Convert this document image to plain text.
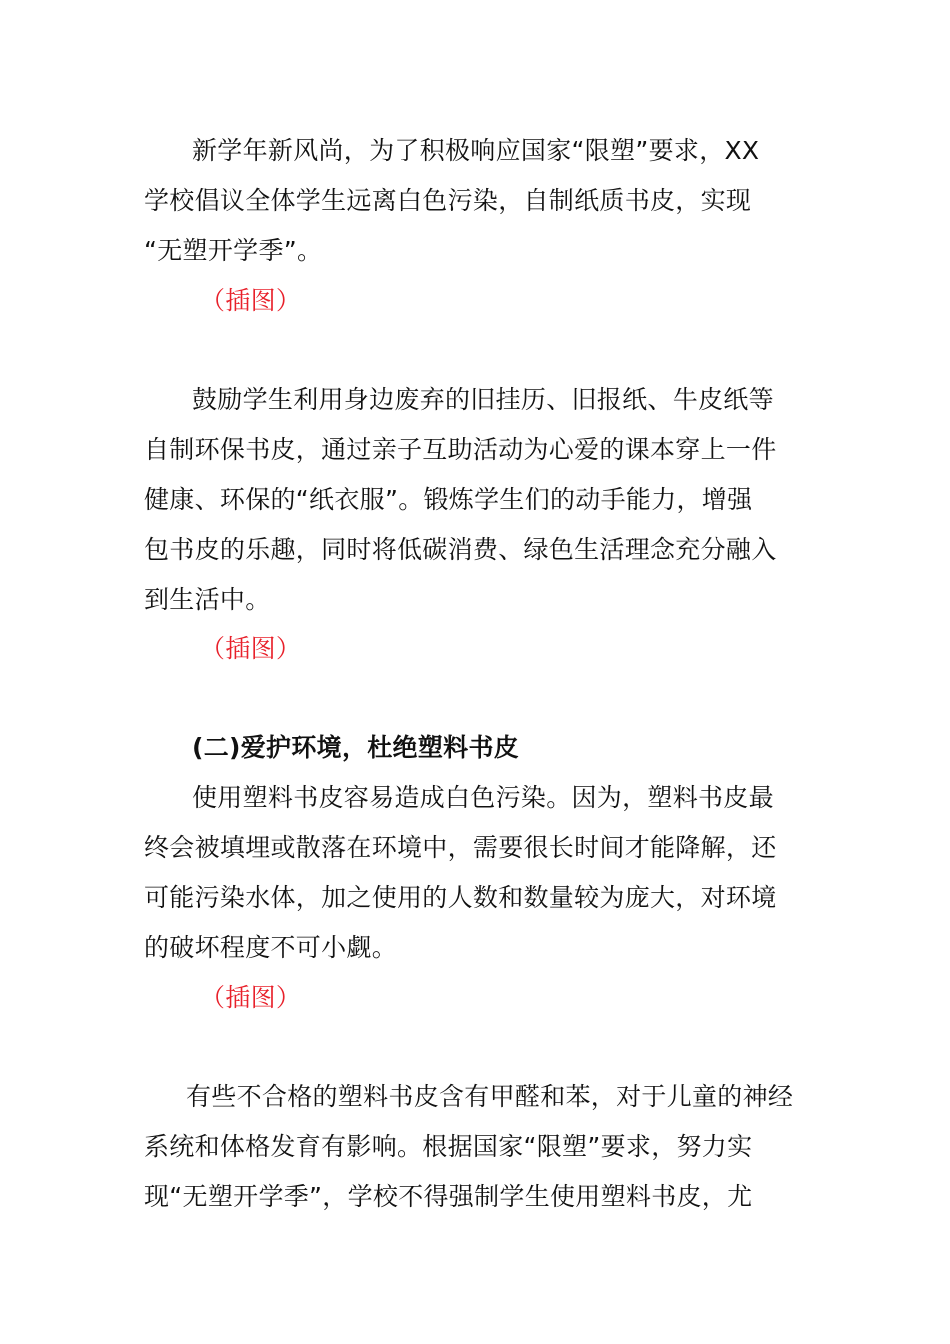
新学年新风尚，为了积极响应国家“限塑”要求，XX
学校倡议全体学生远离白色污染，自制纸质书皮，实现
“无塑开学季”。
（插图）
鼓励学生利用身边废弃的旧挂历、旧报纸、牛皮纸等
自制环保书皮，通过亲子互助活动为心爱的课本穿上一件
健康、环保的“纸衣服”。锻炼学生们的动手能力，增强
包书皮的乐趣，同时将低碳消费、绿色生活理念充分融入
到生活中。
（插图）
(二)爱护环境，杜绝塑料书皮
使用塑料书皮容易造成白色污染。因为，塑料书皮最
终会被填埋或散落在环境中，需要很长时间才能降解，还
可能污染水体，加之使用的人数和数量较为庞大，对环境
的破坏程度不可小觑。
（插图）
有些不合格的塑料书皮含有甲醛和苯，对于儿童的神经
系统和体格发育有影响。根据国家“限塑”要求，努力实
现“无塑开学季”，学校不得强制学生使用塑料书皮，尤
